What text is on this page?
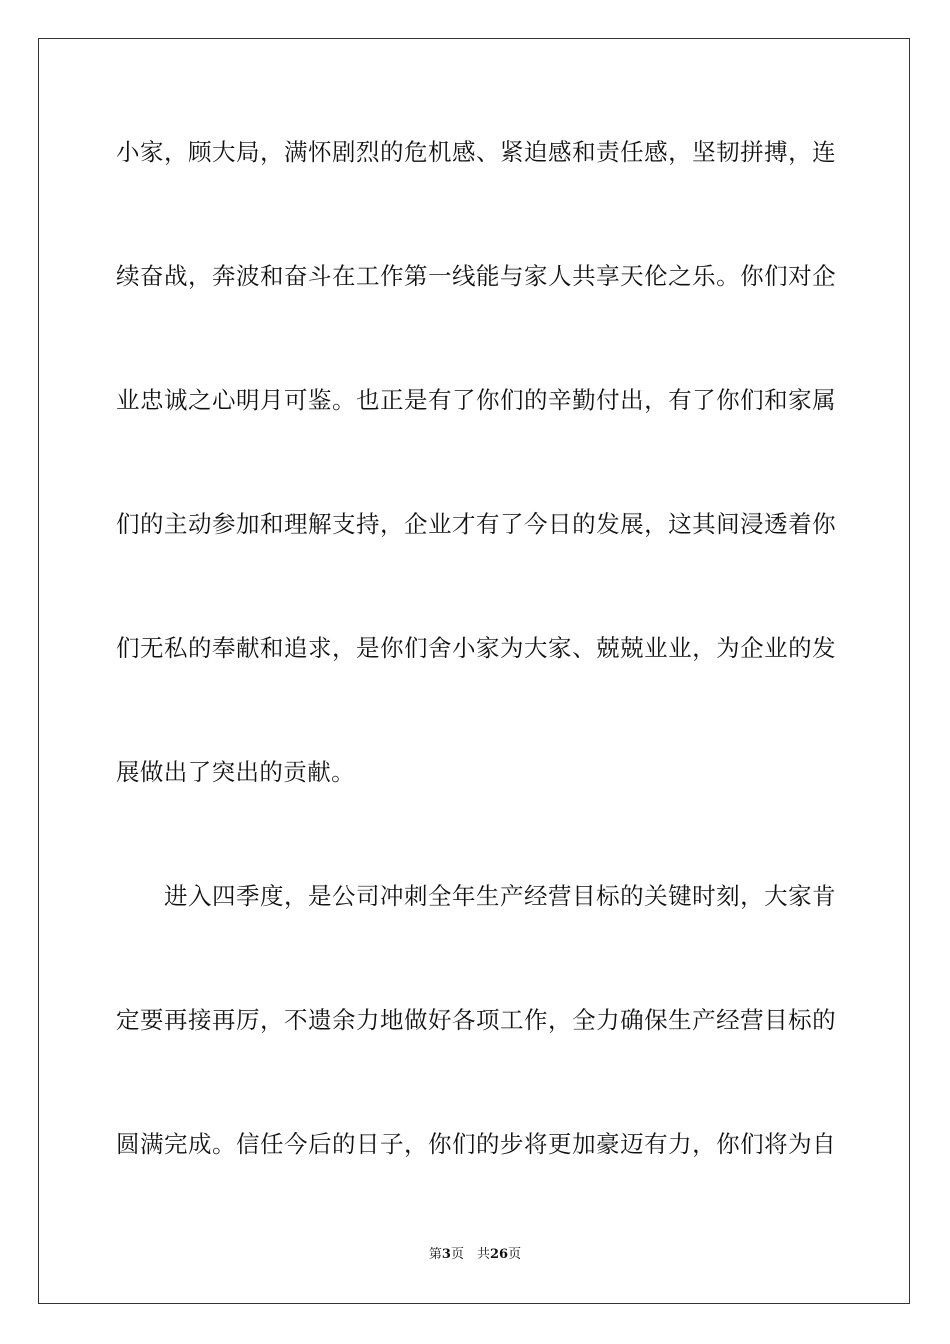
小家，顾大局，满怀剧烈的危机感、紧迫感和责任感，坚韧拼搏，连
续奋战，奔波和奋斗在工作第一线能与家人共享天伦之乐。你们对企
业忠诚之心明月可鉴。也正是有了你们的辛勤付出，有了你们和家属
们的主动参加和理解支持，企业才有了今日的发展，这其间浸透着你
们无私的奉献和追求，是你们舍小家为大家、兢兢业业，为企业的发
展做出了突出的贡献。
　　进入四季度，是公司冲刺全年生产经营目标的关键时刻，大家肯
定要再接再厉，不遗余力地做好各项工作，全力确保生产经营目标的
圆满完成。信任今后的日子，你们的步将更加豪迈有力，你们将为自
第3页　共26页
